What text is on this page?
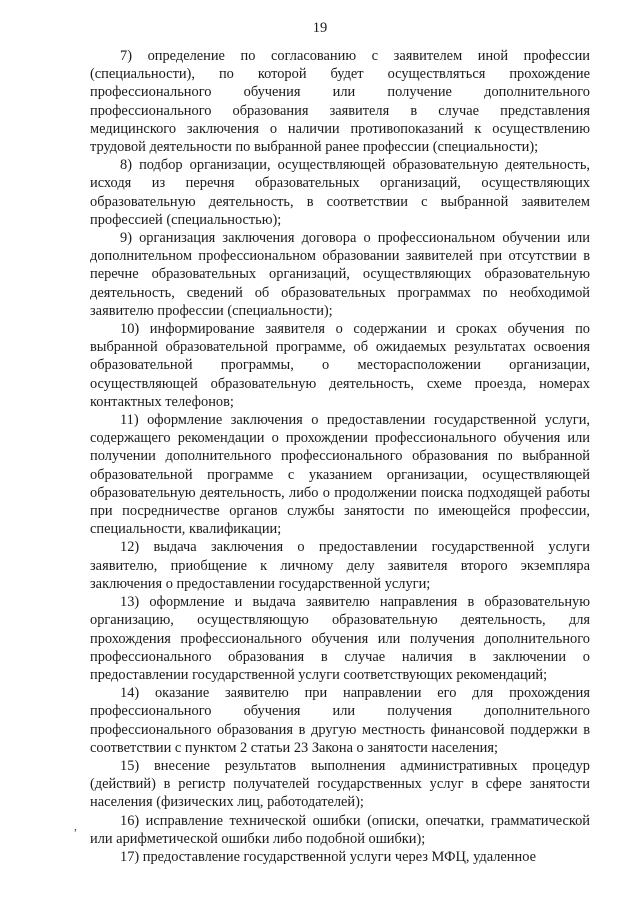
19

7) определение по согласованию с заявителем иной профессии (специальности), по которой будет осуществляться прохождение профессионального обучения или получение дополнительного профессионального образования заявителя в случае представления медицинского заключения о наличии противопоказаний к осуществлению трудовой деятельности по выбранной ранее профессии (специальности);

8) подбор организации, осуществляющей образовательную деятельность, исходя из перечня образовательных организаций, осуществляющих образовательную деятельность, в соответствии с выбранной заявителем профессией (специальностью);

9) организация заключения договора о профессиональном обучении или дополнительном профессиональном образовании заявителей при отсутствии в перечне образовательных организаций, осуществляющих образовательную деятельность, сведений об образовательных программах по необходимой заявителю профессии (специальности);

10) информирование заявителя о содержании и сроках обучения по выбранной образовательной программе, об ожидаемых результатах освоения образовательной программы, о месторасположении организации, осуществляющей образовательную деятельность, схеме проезда, номерах контактных телефонов;

11) оформление заключения о предоставлении государственной услуги, содержащего рекомендации о прохождении профессионального обучения или получении дополнительного профессионального образования по выбранной образовательной программе с указанием организации, осуществляющей образовательную деятельность, либо о продолжении поиска подходящей работы при посредничестве органов службы занятости по имеющейся профессии, специальности, квалификации;

12) выдача заключения о предоставлении государственной услуги заявителю, приобщение к личному делу заявителя второго экземпляра заключения о предоставлении государственной услуги;

13) оформление и выдача заявителю направления в образовательную организацию, осуществляющую образовательную деятельность, для прохождения профессионального обучения или получения дополнительного профессионального образования в случае наличия в заключении о предоставлении государственной услуги соответствующих рекомендаций;

14) оказание заявителю при направлении его для прохождения профессионального обучения или получения дополнительного профессионального образования в другую местность финансовой поддержки в соответствии с пунктом 2 статьи 23 Закона о занятости населения;

15) внесение результатов выполнения административных процедур (действий) в регистр получателей государственных услуг в сфере занятости населения (физических лиц, работодателей);

16) исправление технической ошибки (описки, опечатки, грамматической или арифметической ошибки либо подобной ошибки);

17) предоставление государственной услуги через МФЦ, удаленное

,
